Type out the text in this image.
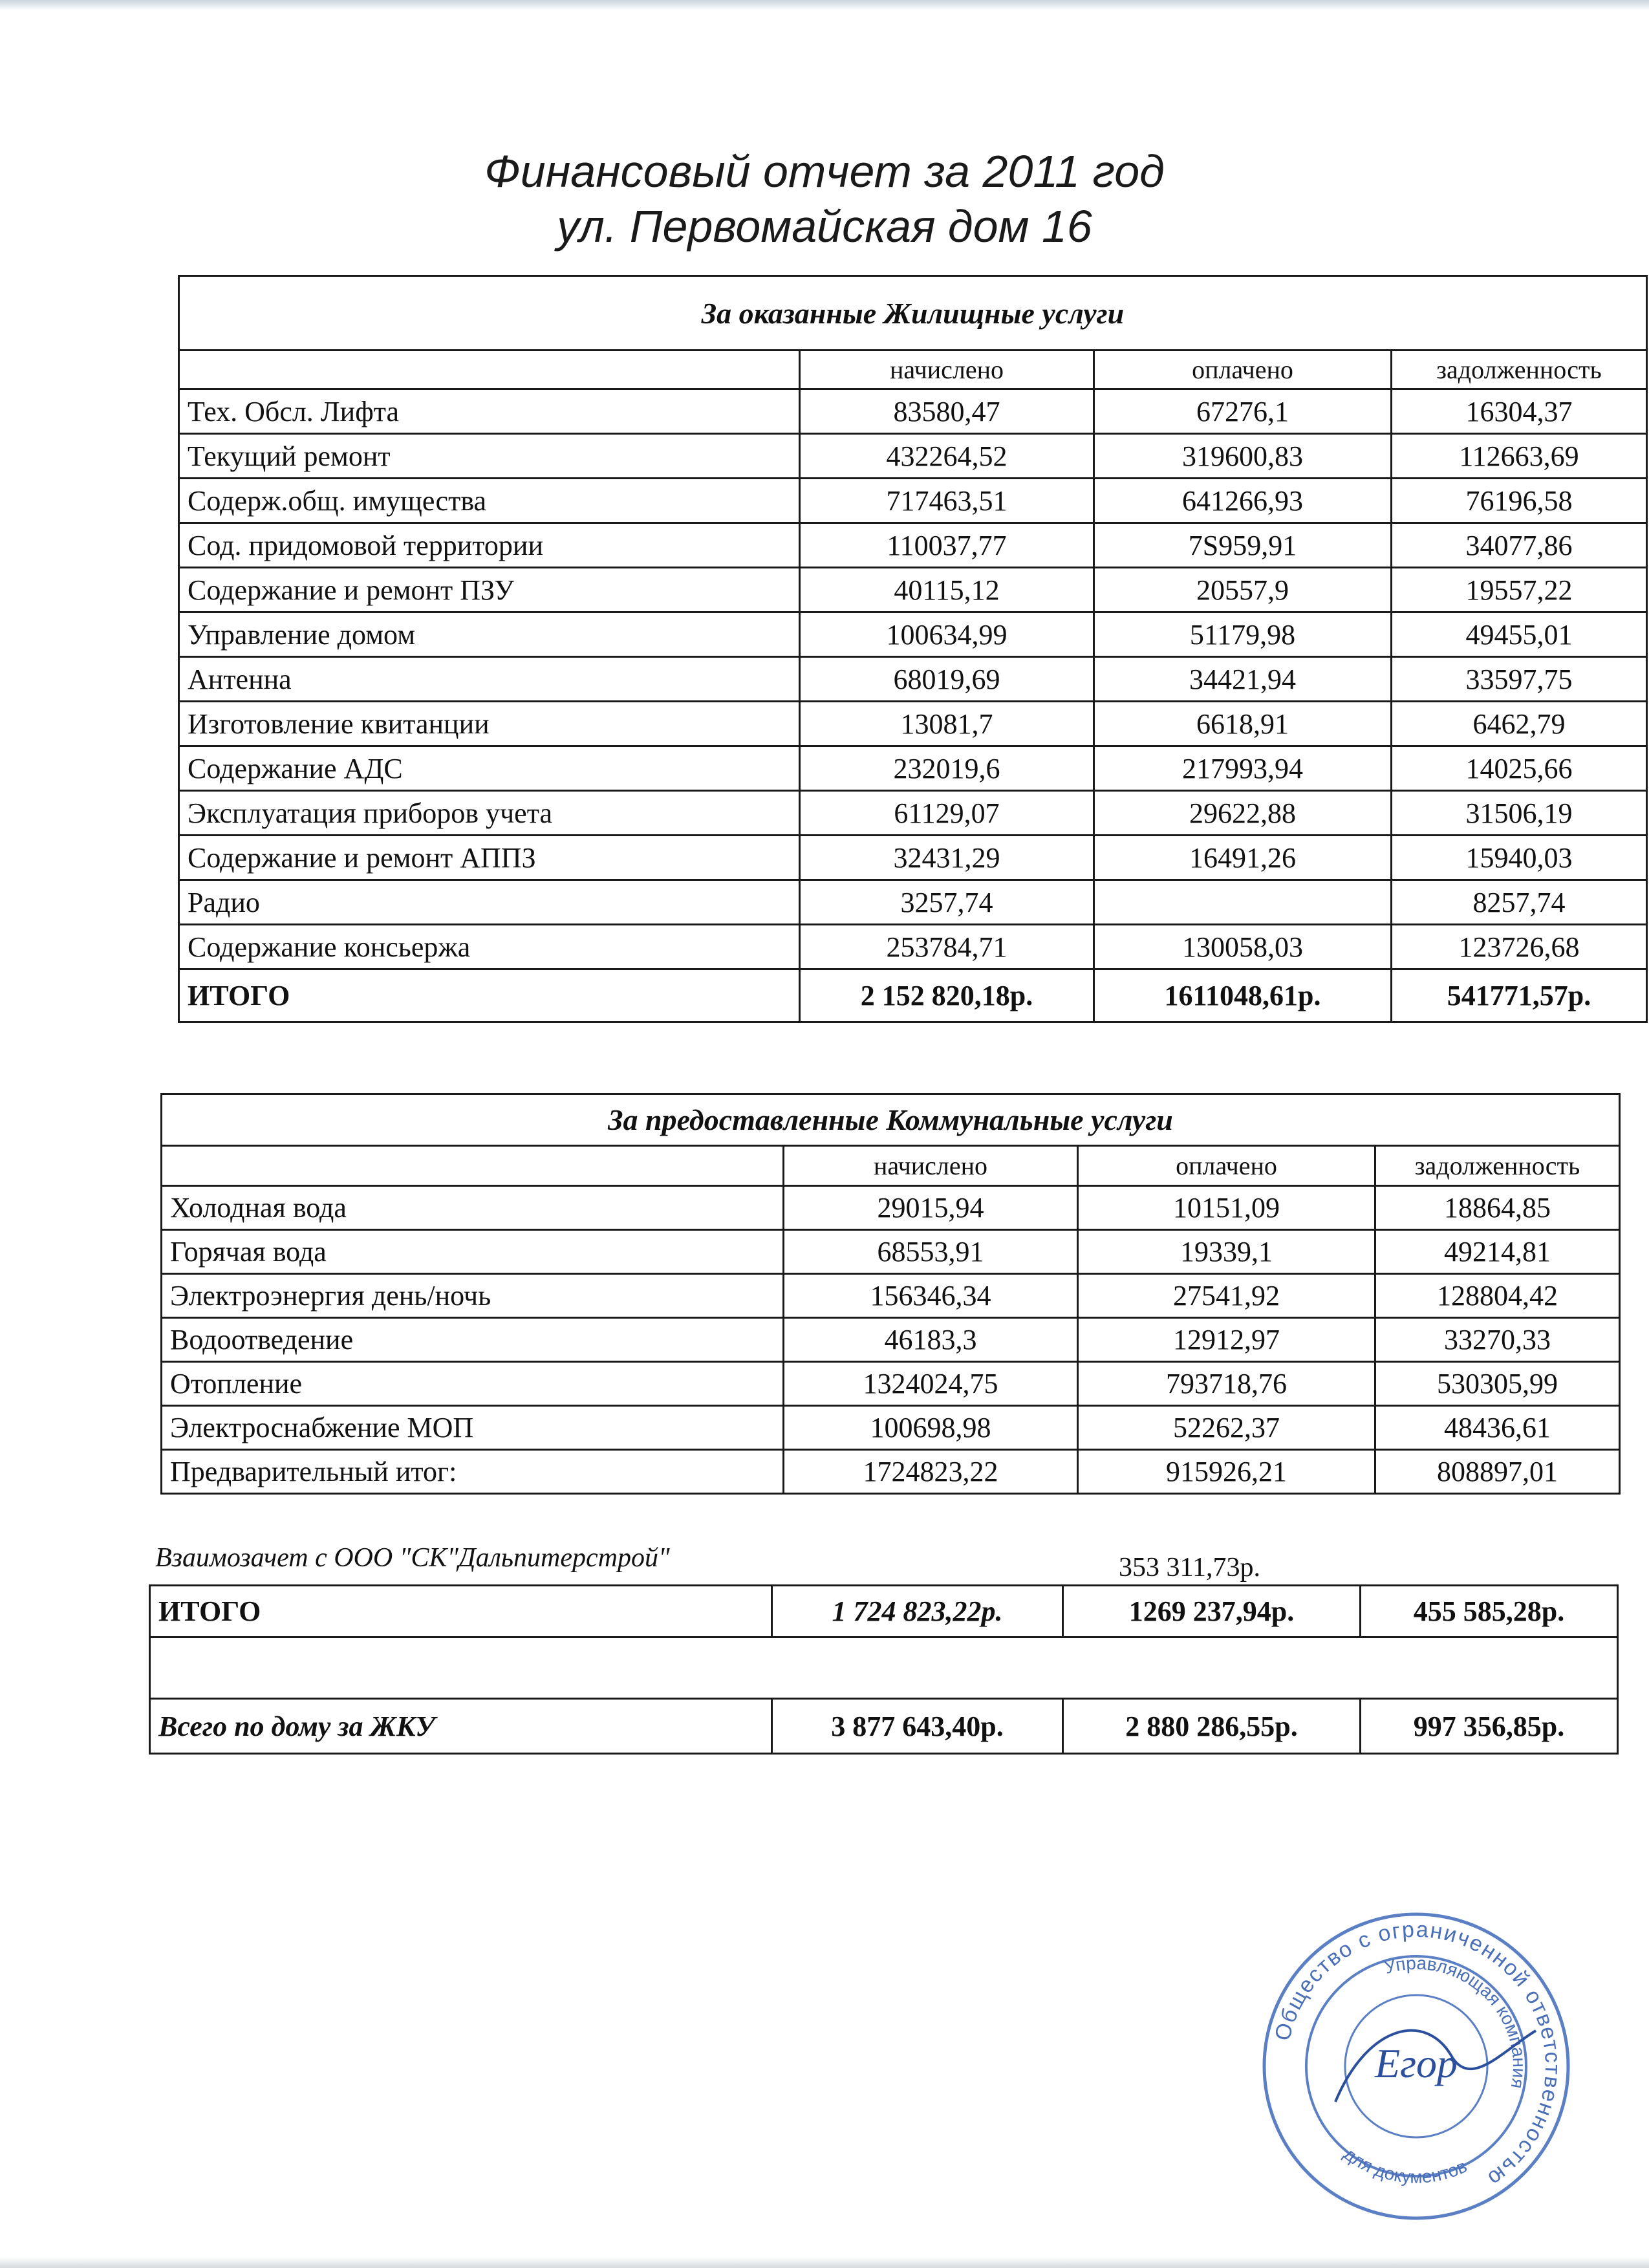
Финансовый отчет за 2011 год
ул. Первомайская дом 16
За оказанные Жилищные услуги			
	начислено	оплачено	задолженность
Тех. Обсл. Лифта	83580,47	67276,1	16304,37
Текущий ремонт	432264,52	319600,83	112663,69
Содерж.общ. имущества	717463,51	641266,93	76196,58
Сод. придомовой территории	110037,77	7S959,91	34077,86
Содержание и ремонт ПЗУ	40115,12	20557,9	19557,22
Управление домом	100634,99	51179,98	49455,01
Антенна	68019,69	34421,94	33597,75
Изготовление квитанции	13081,7	6618,91	6462,79
Содержание АДС	232019,6	217993,94	14025,66
Эксплуатация приборов учета	61129,07	29622,88	31506,19
Содержание и ремонт АППЗ	32431,29	16491,26	15940,03
Радио	3257,74		8257,74
Содержание консьержа	253784,71	130058,03	123726,68
ИТОГО	2 152 820,18р.	1611048,61р.	541771,57р.
За предоставленные Коммунальные услуги			
	начислено	оплачено	задолженность
Холодная вода	29015,94	10151,09	18864,85
Горячая вода	68553,91	19339,1	49214,81
Электроэнергия день/ночь	156346,34	27541,92	128804,42
Водоотведение	46183,3	12912,97	33270,33
Отопление	1324024,75	793718,76	530305,99
Электроснабжение МОП	100698,98	52262,37	48436,61
Предварительный итог:	1724823,22	915926,21	808897,01
Взаимозачет с ООО "СК"Дальпитерстрой"	353 311,73р.
ИТОГО	1 724 823,22р.	1269 237,94р.	455 585,28р.

Всего по дому за ЖКУ	3 877 643,40р.	2 880 286,55р.	997 356,85р.
Общество с ограниченной ответственностью
Управляющая компания
для документов
Егор
